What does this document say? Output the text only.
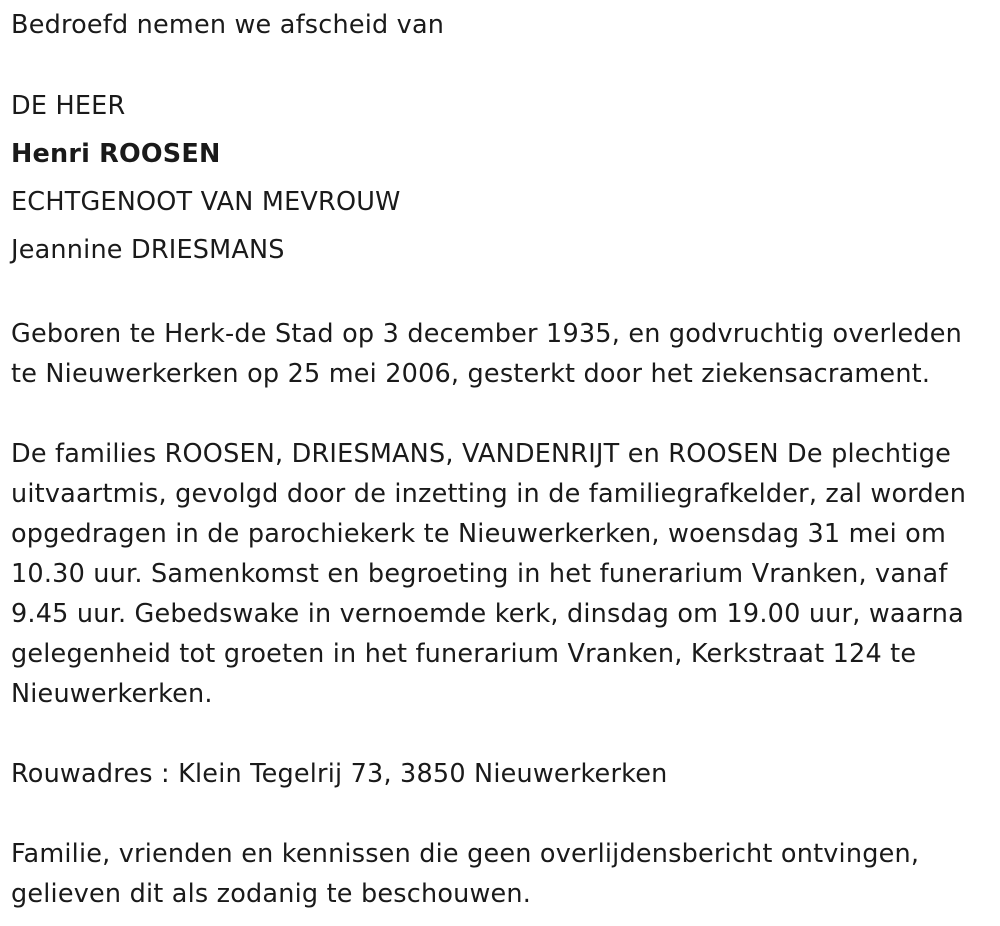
Bedroefd nemen we afscheid van
DE HEER
Henri ROOSEN
ECHTGENOOT VAN MEVROUW
Jeannine DRIESMANS
Geboren te Herk-de Stad op 3 december 1935, en godvruchtig overleden
te Nieuwerkerken op 25 mei 2006, gesterkt door het ziekensacrament.
De families ROOSEN, DRIESMANS, VANDENRIJT en ROOSEN De plechtige
uitvaartmis, gevolgd door de inzetting in de familiegrafkelder, zal worden
opgedragen in de parochiekerk te Nieuwerkerken, woensdag 31 mei om
10.30 uur. Samenkomst en begroeting in het funerarium Vranken, vanaf
9.45 uur. Gebedswake in vernoemde kerk, dinsdag om 19.00 uur, waarna
gelegenheid tot groeten in het funerarium Vranken, Kerkstraat 124 te
Nieuwerkerken.
Rouwadres : Klein Tegelrij 73, 3850 Nieuwerkerken
Familie, vrienden en kennissen die geen overlijdensbericht ontvingen,
gelieven dit als zodanig te beschouwen.
